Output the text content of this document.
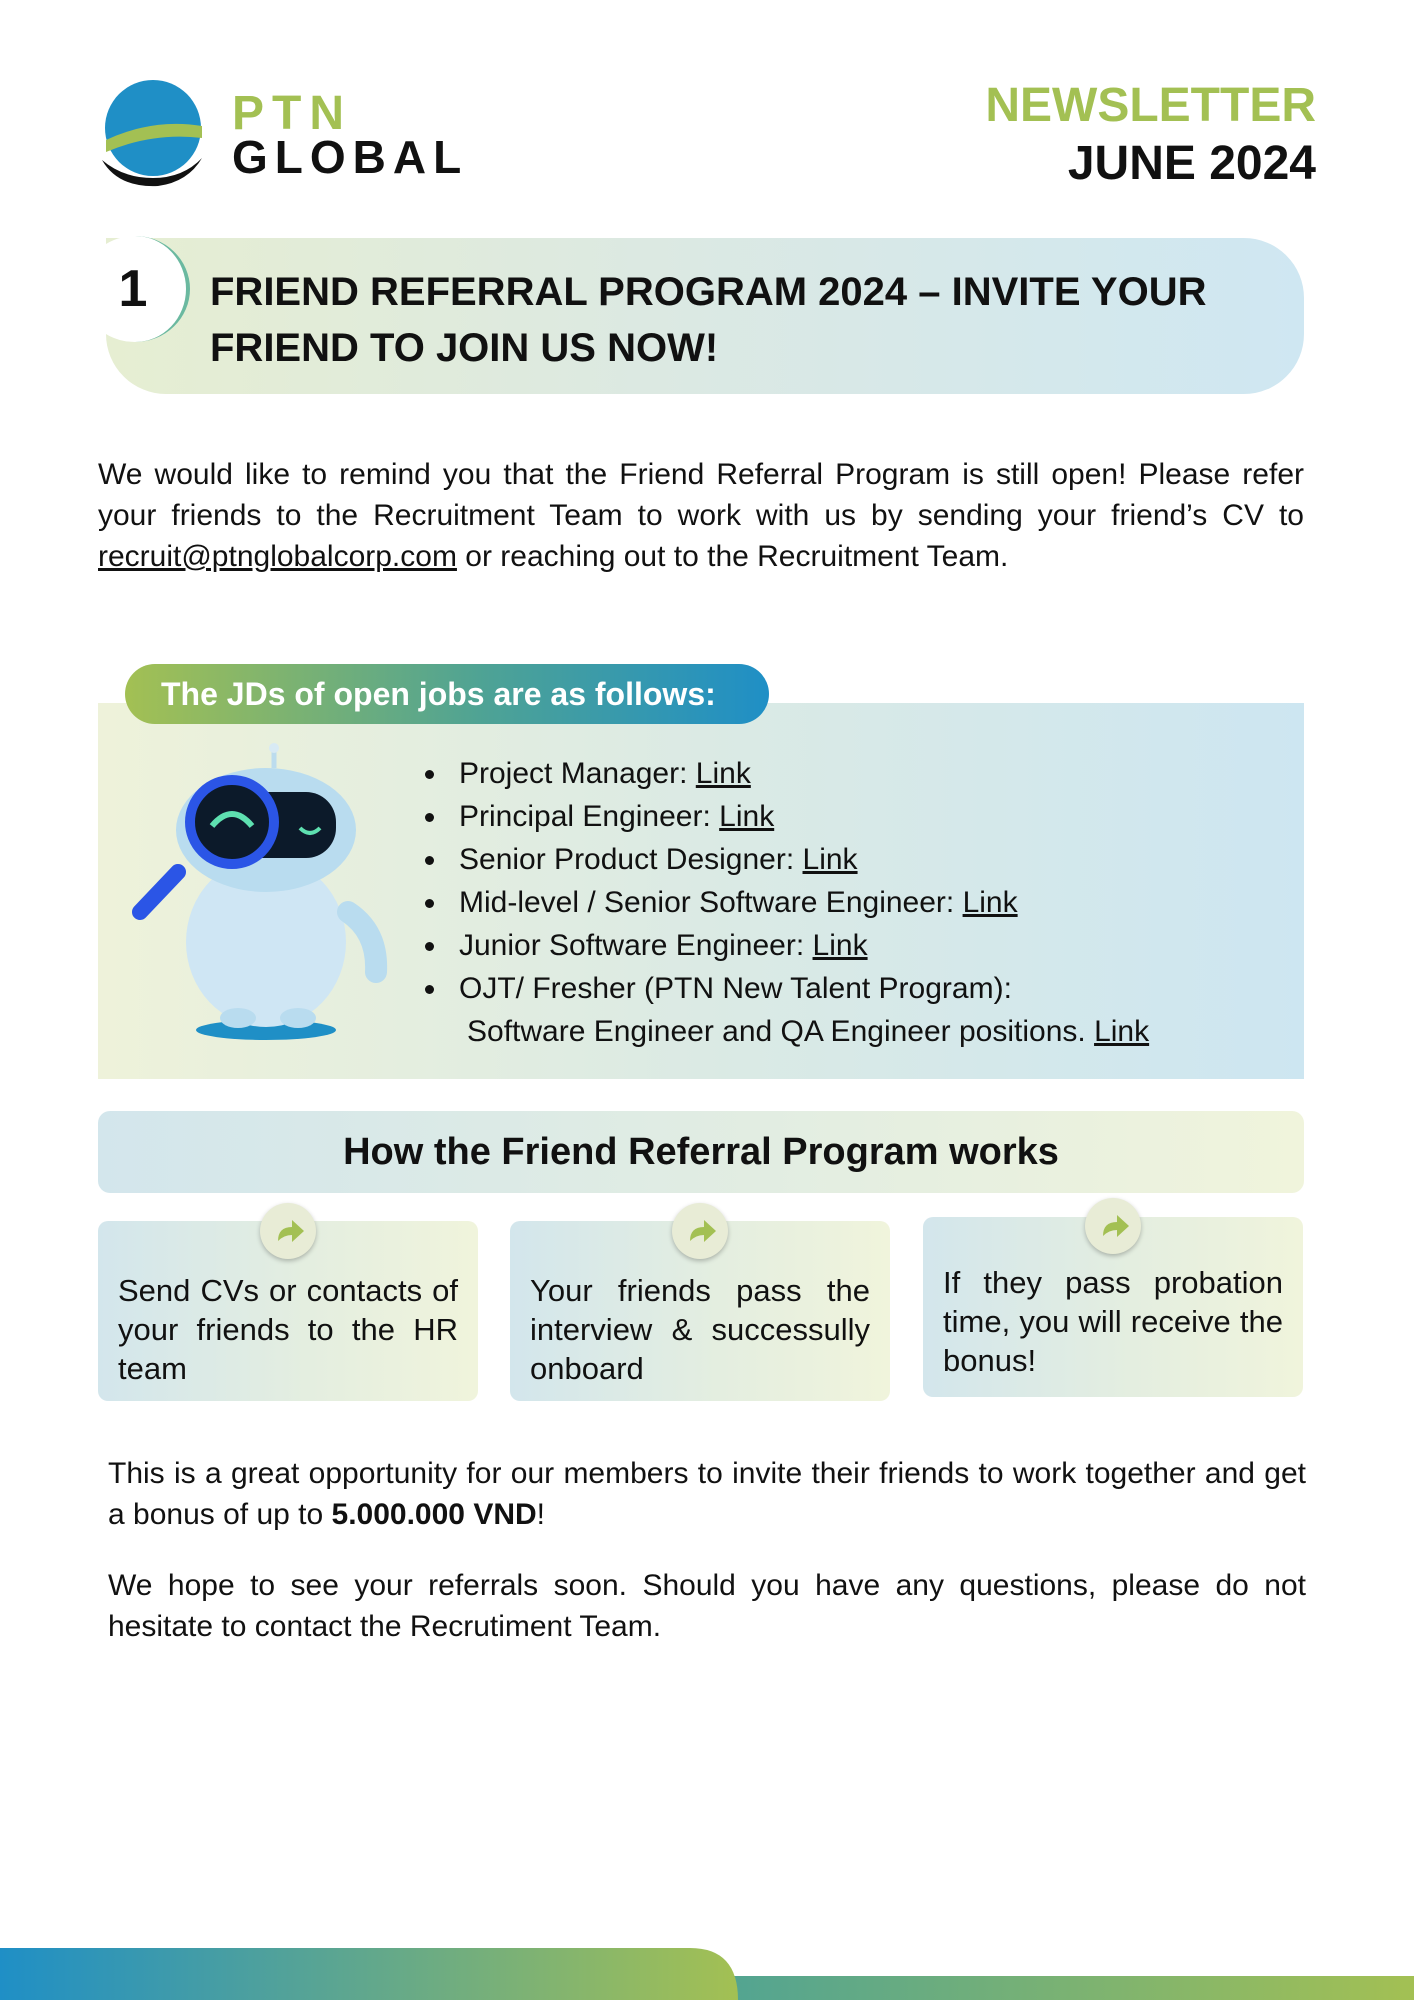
PTN
GLOBAL
NEWSLETTER
JUNE 2024
1	FRIEND REFERRAL PROGRAM 2024 – INVITE YOUR FRIEND TO JOIN US NOW!
We would like to remind you that the Friend Referral Program is still open! Please refer your friends to the Recruitment Team to work with us by sending your friend’s CV to recruit@ptnglobalcorp.com or reaching out to the Recruitment Team.
The JDs of open jobs are as follows:
Project Manager: Link
Principal Engineer: Link
Senior Product Designer: Link
Mid-level / Senior Software Engineer: Link
Junior Software Engineer: Link
OJT/ Fresher (PTN New Talent Program):
Software Engineer and QA Engineer positions. Link
How the Friend Referral Program works
Send CVs or contacts of your friends to the HR team
Your friends pass the interview & successully onboard
If they pass probation time, you will receive the bonus!
This is a great opportunity for our members to invite their friends to work together and get a bonus of up to 5.000.000 VND!
We hope to see your referrals soon. Should you have any questions, please do not hesitate to contact the Recrutiment Team.
